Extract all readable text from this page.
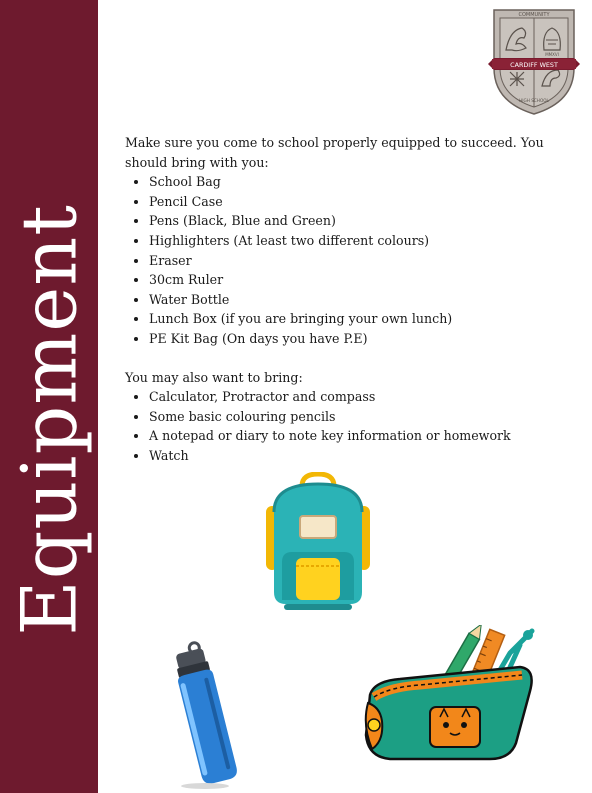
Equipment
COMMUNITY
MMXVI
CARDIFF WEST
HIGH SCHOOL

Make sure you come to school properly equipped to succeed. You should bring with you:

• School Bag
• Pencil Case
• Pens (Black, Blue and Green)
• Highlighters (At least two different colours)
• Eraser
• 30cm Ruler
• Water Bottle
• Lunch Box (if you are bringing your own lunch)
• PE Kit Bag (On days you have P.E)

You may also want to bring:

• Calculator, Protractor and compass
• Some basic colouring pencils
• A notepad or diary to note key information or homework
• Watch
